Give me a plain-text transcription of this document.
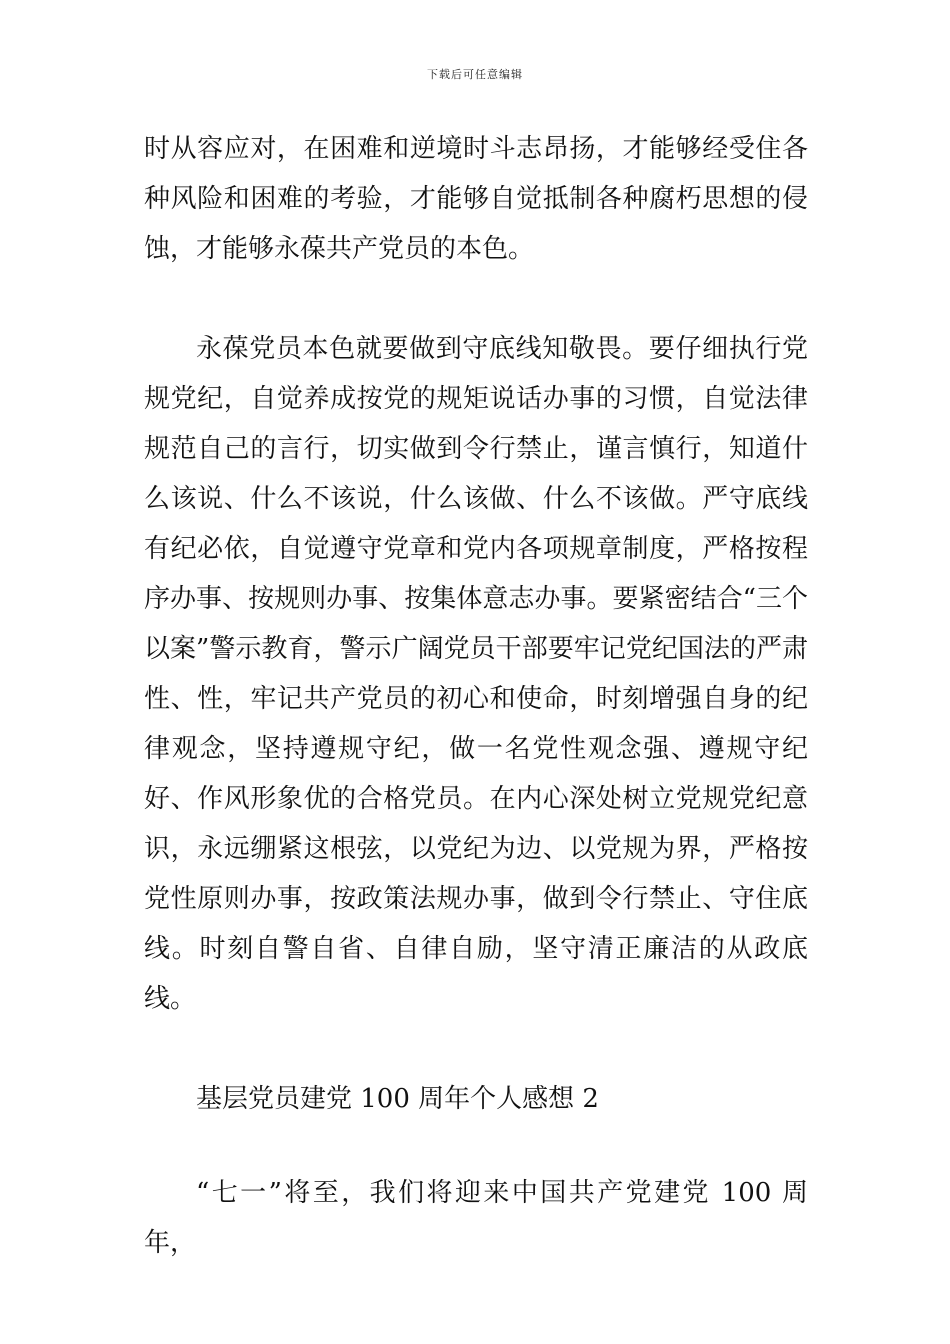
下载后可任意编辑

时从容应对，在困难和逆境时斗志昂扬，才能够经受住各种风险和困难的考验，才能够自觉抵制各种腐朽思想的侵蚀，才能够永葆共产党员的本色。

永葆党员本色就要做到守底线知敬畏。要仔细执行党规党纪，自觉养成按党的规矩说话办事的习惯，自觉法律规范自己的言行，切实做到令行禁止，谨言慎行，知道什么该说、什么不该说，什么该做、什么不该做。严守底线有纪必依，自觉遵守党章和党内各项规章制度，严格按程序办事、按规则办事、按集体意志办事。要紧密结合“三个以案”警示教育，警示广阔党员干部要牢记党纪国法的严肃性、性，牢记共产党员的初心和使命，时刻增强自身的纪律观念，坚持遵规守纪，做一名党性观念强、遵规守纪好、作风形象优的合格党员。在内心深处树立党规党纪意识，永远绷紧这根弦，以党纪为边、以党规为界，严格按党性原则办事，按政策法规办事，做到令行禁止、守住底线。时刻自警自省、自律自励，坚守清正廉洁的从政底线。

基层党员建党 100 周年个人感想 2

“七一”将至，我们将迎来中国共产党建党 100 周年，
